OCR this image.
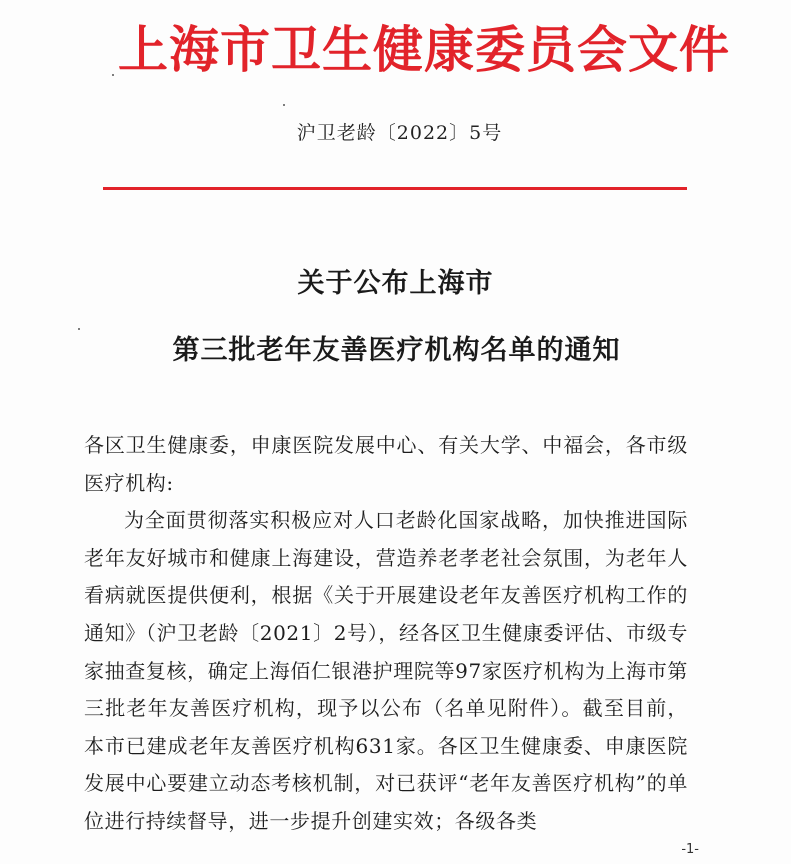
上海市卫生健康委员会文件
沪卫老龄〔2022〕5号
关于公布上海市
第三批老年友善医疗机构名单的通知

各区卫生健康委，申康医院发展中心、有关大学、中福会，各市级医疗机构:

为全面贯彻落实积极应对人口老龄化国家战略，加快推进国际老年友好城市和健康上海建设，营造养老孝老社会氛围，为老年人看病就医提供便利，根据《关于开展建设老年友善医疗机构工作的通知》（沪卫老龄〔2021〕2号），经各区卫生健康委评估、市级专家抽查复核，确定上海佰仁银港护理院等97家医疗机构为上海市第三批老年友善医疗机构，现予以公布（名单见附件）。截至目前，本市已建成老年友善医疗机构631家。各区卫生健康委、申康医院发展中心要建立动态考核机制，对已获评“老年友善医疗机构”的单位进行持续督导，进一步提升创建实效；各级各类

-1-
